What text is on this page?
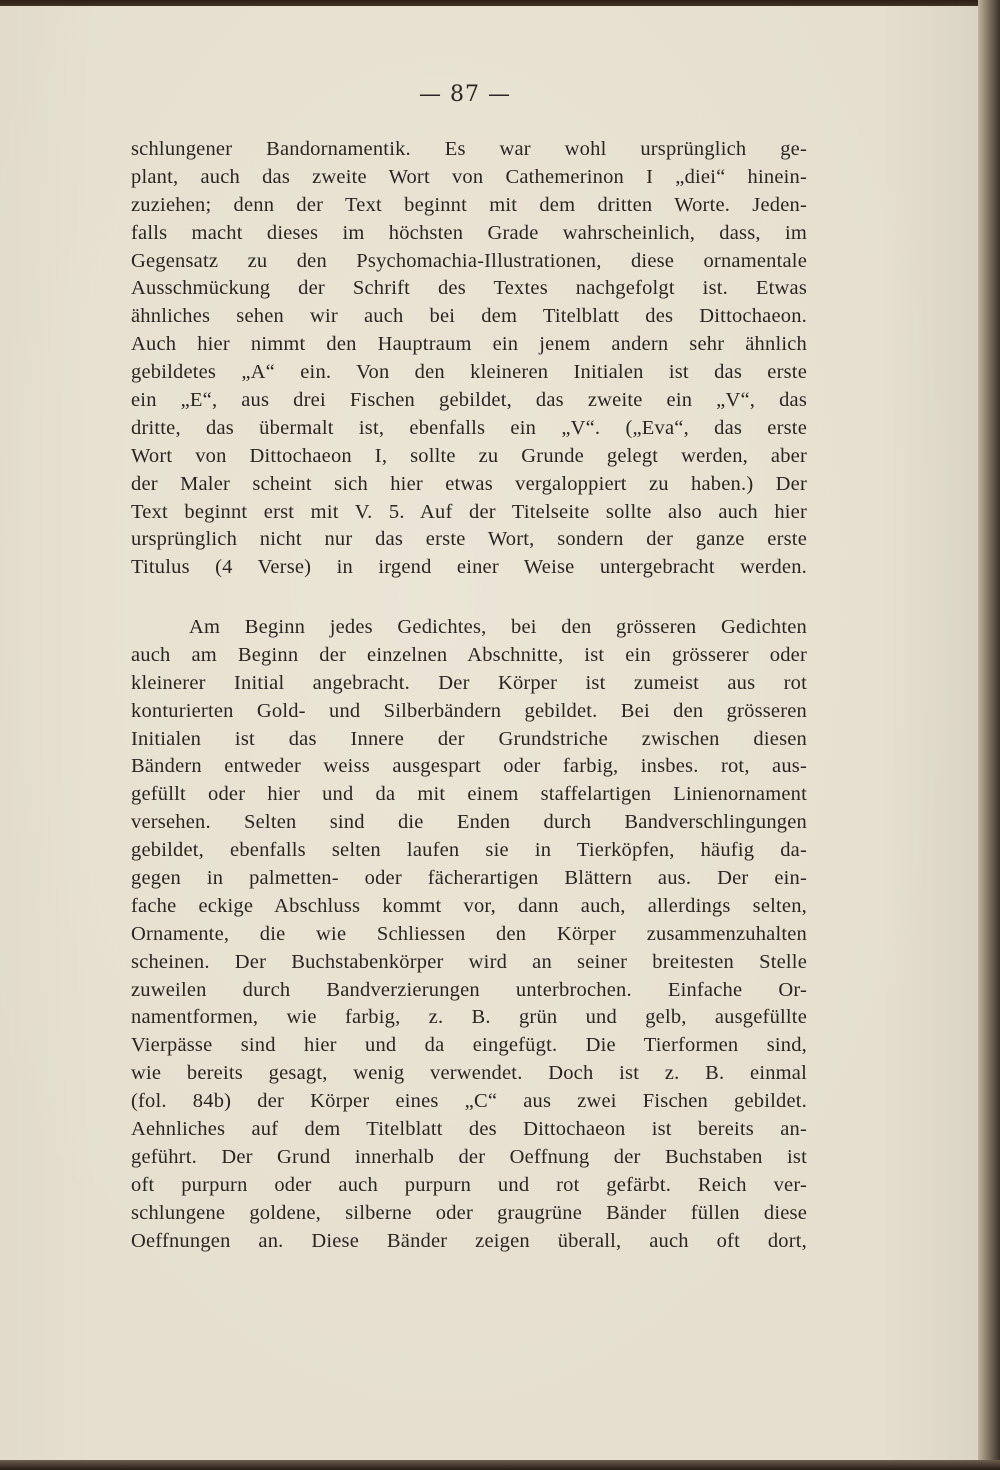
— 87 —
schlungener Bandornamentik. Es war wohl ursprünglich ge-
plant, auch das zweite Wort von Cathemerinon I „diei“ hinein-
zuziehen; denn der Text beginnt mit dem dritten Worte. Jeden-
falls macht dieses im höchsten Grade wahrscheinlich, dass, im
Gegensatz zu den Psychomachia-Illustrationen, diese ornamentale
Ausschmückung der Schrift des Textes nachgefolgt ist. Etwas
ähnliches sehen wir auch bei dem Titelblatt des Dittochaeon.
Auch hier nimmt den Hauptraum ein jenem andern sehr ähnlich
gebildetes „A“ ein. Von den kleineren Initialen ist das erste
ein „E“, aus drei Fischen gebildet, das zweite ein „V“, das
dritte, das übermalt ist, ebenfalls ein „V“. („Eva“, das erste
Wort von Dittochaeon I, sollte zu Grunde gelegt werden, aber
der Maler scheint sich hier etwas vergaloppiert zu haben.) Der
Text beginnt erst mit V. 5. Auf der Titelseite sollte also auch hier
ursprünglich nicht nur das erste Wort, sondern der ganze erste
Titulus (4 Verse) in irgend einer Weise untergebracht werden.
Am Beginn jedes Gedichtes, bei den grösseren Gedichten
auch am Beginn der einzelnen Abschnitte, ist ein grösserer oder
kleinerer Initial angebracht. Der Körper ist zumeist aus rot
konturierten Gold- und Silberbändern gebildet. Bei den grösseren
Initialen ist das Innere der Grundstriche zwischen diesen
Bändern entweder weiss ausgespart oder farbig, insbes. rot, aus-
gefüllt oder hier und da mit einem staffelartigen Linienornament
versehen. Selten sind die Enden durch Bandverschlingungen
gebildet, ebenfalls selten laufen sie in Tierköpfen, häufig da-
gegen in palmetten- oder fächerartigen Blättern aus. Der ein-
fache eckige Abschluss kommt vor, dann auch, allerdings selten,
Ornamente, die wie Schliessen den Körper zusammenzuhalten
scheinen. Der Buchstabenkörper wird an seiner breitesten Stelle
zuweilen durch Bandverzierungen unterbrochen. Einfache Or-
namentformen, wie farbig, z. B. grün und gelb, ausgefüllte
Vierpässe sind hier und da eingefügt. Die Tierformen sind,
wie bereits gesagt, wenig verwendet. Doch ist z. B. einmal
(fol. 84b) der Körper eines „C“ aus zwei Fischen gebildet.
Aehnliches auf dem Titelblatt des Dittochaeon ist bereits an-
geführt. Der Grund innerhalb der Oeffnung der Buchstaben ist
oft purpurn oder auch purpurn und rot gefärbt. Reich ver-
schlungene goldene, silberne oder graugrüne Bänder füllen diese
Oeffnungen an. Diese Bänder zeigen überall, auch oft dort,
